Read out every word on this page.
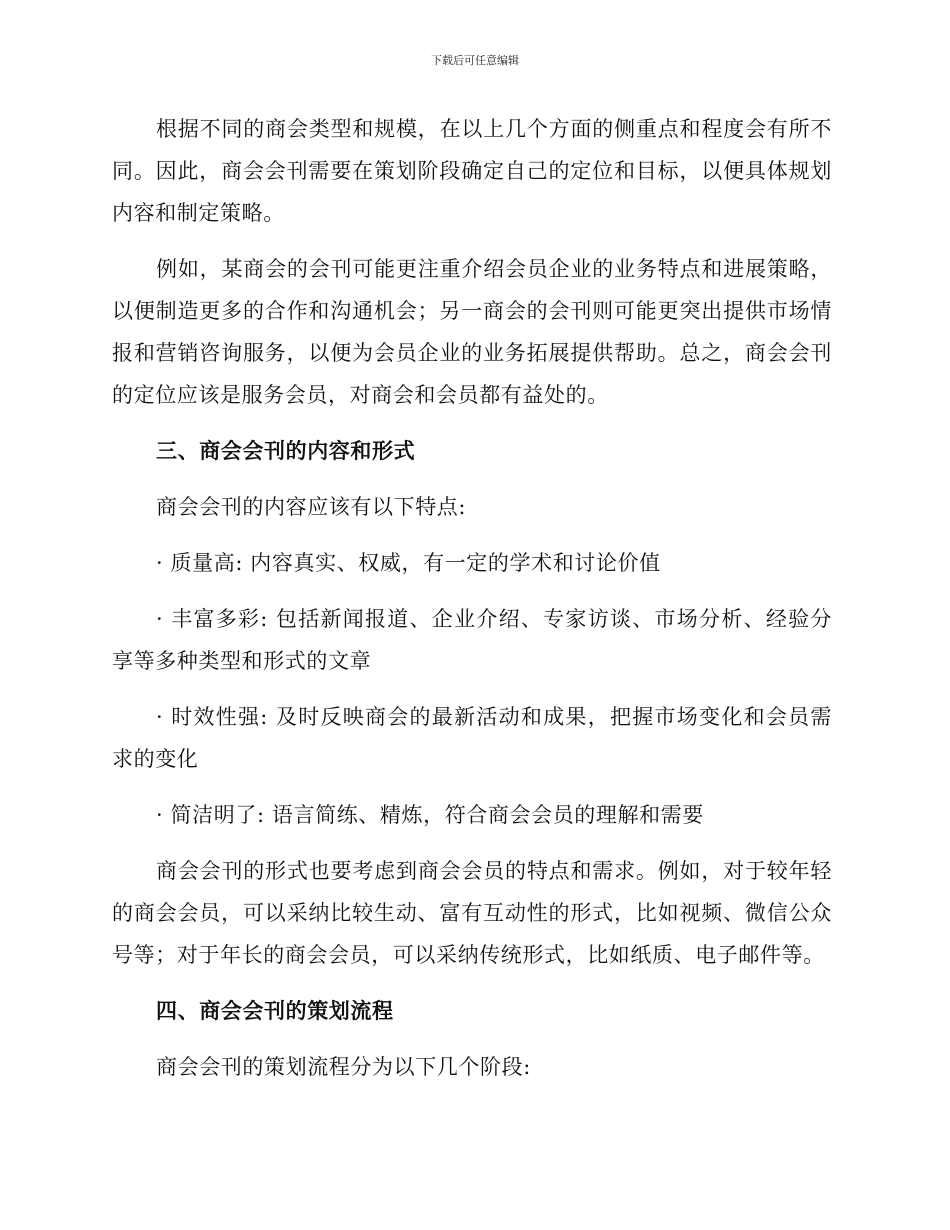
下载后可任意编辑

根据不同的商会类型和规模，在以上几个方面的侧重点和程度会有所不同。因此，商会会刊需要在策划阶段确定自己的定位和目标，以便具体规划内容和制定策略。

例如，某商会的会刊可能更注重介绍会员企业的业务特点和进展策略，以便制造更多的合作和沟通机会；另一商会的会刊则可能更突出提供市场情报和营销咨询服务，以便为会员企业的业务拓展提供帮助。总之，商会会刊的定位应该是服务会员，对商会和会员都有益处的。

三、商会会刊的内容和形式

商会会刊的内容应该有以下特点:

· 质量高: 内容真实、权威，有一定的学术和讨论价值

· 丰富多彩: 包括新闻报道、企业介绍、专家访谈、市场分析、经验分享等多种类型和形式的文章

· 时效性强: 及时反映商会的最新活动和成果，把握市场变化和会员需求的变化

· 简洁明了: 语言简练、精炼，符合商会会员的理解和需要

商会会刊的形式也要考虑到商会会员的特点和需求。例如，对于较年轻的商会会员，可以采纳比较生动、富有互动性的形式，比如视频、微信公众号等；对于年长的商会会员，可以采纳传统形式，比如纸质、电子邮件等。

四、商会会刊的策划流程

商会会刊的策划流程分为以下几个阶段:
